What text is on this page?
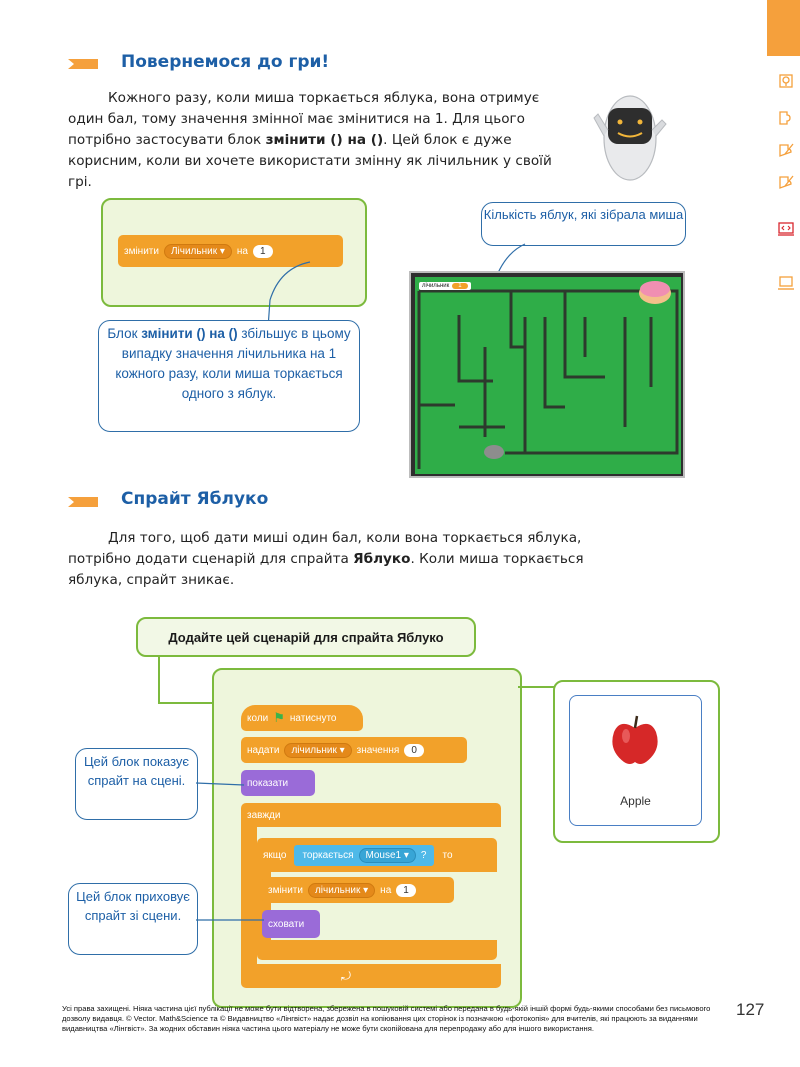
Повернемося до гри!
Кожного разу, коли миша торкається яблука, вона отримує один бал, тому значення змінної має змінитися на 1. Для цього потрібно застосувати блок змінити () на (). Цей блок є дуже корисним, коли ви хочете використати змінну як лічильник у своїй грі.
змінити	Лічильник ▾	на	1
Блок змінити () на () збільшує в цьому випадку значення лічильника на 1 кожного разу, коли миша торкається одного з яблук.
Кількість яблук, які зібрала миша
лічильник	1
Спрайт Яблуко
Для того, щоб дати миші один бал, коли вона торкається яблука, потрібно додати сценарій для спрайта Яблуко. Коли миша торкається яблука, спрайт зникає.
Додайте цей сценарій для спрайта Яблуко
коли ⚑ натиснуто
надати	лічильник ▾	значення	0
показати
завжди
⤾
якщо торкається	Mouse1 ▾	? то
змінити	лічильник ▾	на	1
сховати
Цей блок показує спрайт на сцені.
Цей блок приховує спрайт зі сцени.
Apple
Усі права захищені. Ніяка частина цієї публікації не може бути відтворена, збережена в пошуковій системі або передана в будь-якій іншій формі будь-якими способами без письмового дозволу видавця. © Vector. Math&Science та © Видавництво «Лінгвіст» надає дозвіл на копіювання цих сторінок із позначкою «фотокопія» для вчителів, які працюють за виданнями видавництва «Лінгвіст». За жодних обставин ніяка частина цього матеріалу не може бути скопійована для перепродажу або для іншого використання.
127
